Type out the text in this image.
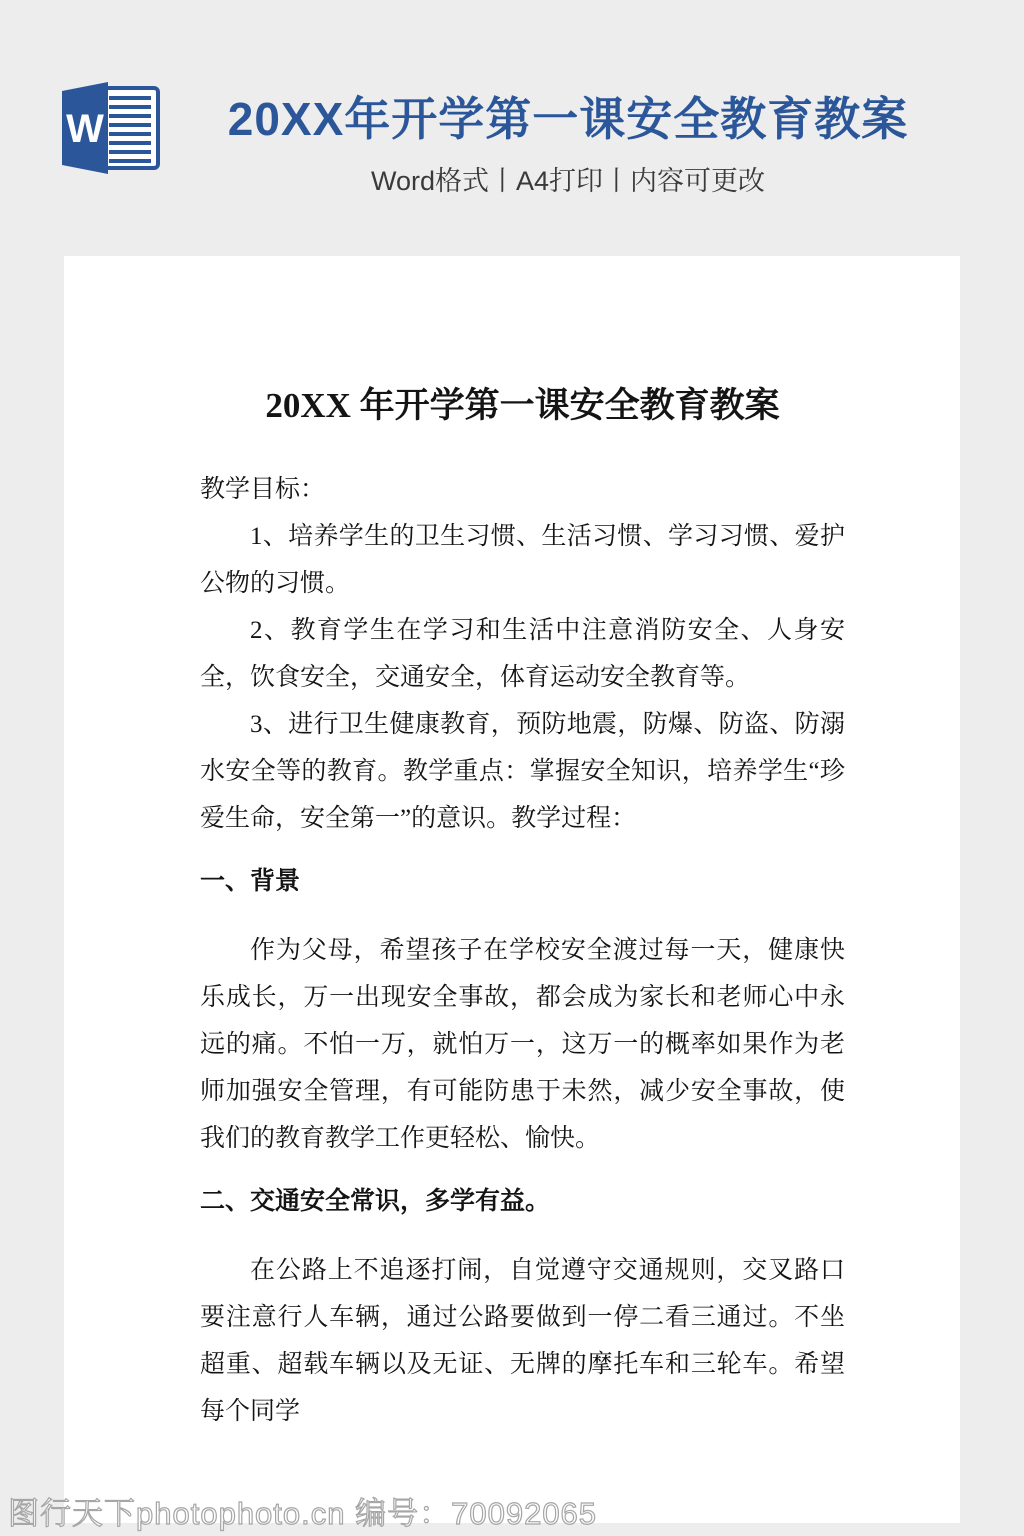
W	20XX年开学第一课安全教育教案
Word格式丨A4打印丨内容可更改
20XX 年开学第一课安全教育教案

教学目标：

1、培养学生的卫生习惯、生活习惯、学习习惯、爱护公物的习惯。

2、教育学生在学习和生活中注意消防安全、人身安全，饮食安全，交通安全，体育运动安全教育等。

3、进行卫生健康教育，预防地震，防爆、防盗、防溺水安全等的教育。教学重点：掌握安全知识，培养学生“珍爱生命，安全第一”的意识。教学过程：

一、背景

作为父母，希望孩子在学校安全渡过每一天，健康快乐成长，万一出现安全事故，都会成为家长和老师心中永远的痛。不怕一万，就怕万一，这万一的概率如果作为老师加强安全管理，有可能防患于未然，减少安全事故，使我们的教育教学工作更轻松、愉快。

二、交通安全常识，多学有益。

在公路上不追逐打闹，自觉遵守交通规则，交叉路口要注意行人车辆，通过公路要做到一停二看三通过。不坐超重、超载车辆以及无证、无牌的摩托车和三轮车。希望每个同学

图行天下photophoto.cn 编号：70092065
